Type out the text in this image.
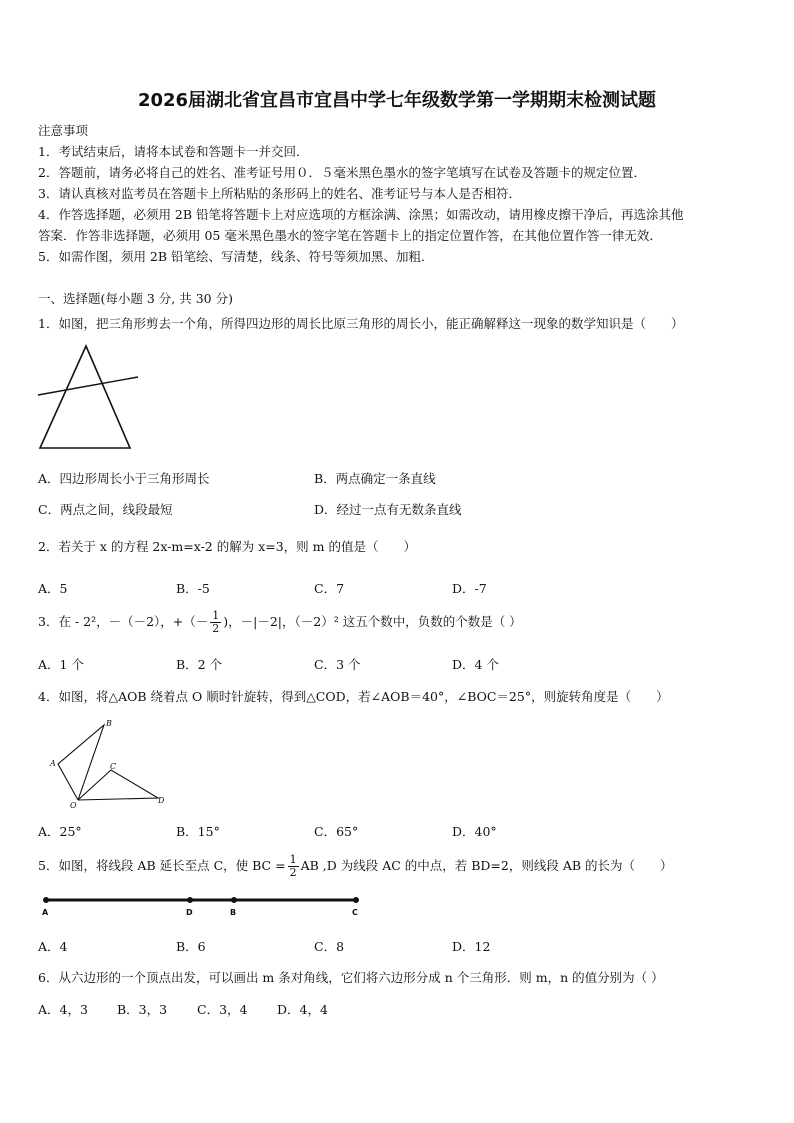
2026届湖北省宜昌市宜昌中学七年级数学第一学期期末检测试题
注意事项
1．考试结束后，请将本试卷和答题卡一并交回．
2．答题前，请务必将自己的姓名、准考证号用０．５毫米黑色墨水的签字笔填写在试卷及答题卡的规定位置．
3．请认真核对监考员在答题卡上所粘贴的条形码上的姓名、准考证号与本人是否相符．
4．作答选择题，必须用 2B 铅笔将答题卡上对应选项的方框涂满、涂黑；如需改动，请用橡皮擦干净后，再选涂其他
答案．作答非选择题，必须用 05 毫米黑色墨水的签字笔在答题卡上的指定位置作答，在其他位置作答一律无效．
5．如需作图，须用 2B 铅笔绘、写清楚，线条、符号等须加黑、加粗．
一、选择题(每小题 3 分, 共 30 分)
1．如图，把三角形剪去一个角，所得四边形的周长比原三角形的周长小，能正确解释这一现象的数学知识是（　　）
A．四边形周长小于三角形周长	B．两点确定一条直线
C．两点之间，线段最短	D．经过一点有无数条直线
2．若关于 x 的方程 2x-m=x-2 的解为 x=3，则 m 的值是（　　）
A．5	B．-5	C．7	D．-7
3．在 - 2²，－（－2），+（－ $\frac{1}{2}$ )，－|－2|，（－2）² 这五个数中，负数的个数是（ ）
A．1 个	B．2 个	C．3 个	D．4 个
4．如图，将△AOB 绕着点 O 顺时针旋转，得到△COD，若∠AOB＝40°，∠BOC＝25°，则旋转角度是（　　）
B
A	C
O
D
A．25°	B．15°	C．65°	D．40°
5．如图，将线段 AB 延长至点 C，使 BC = $\frac{1}{2}$ AB ,D 为线段 AC 的中点，若 BD=2，则线段 AB 的长为（　　）
A	D	B	C
A．4	B．6	C．8	D．12
6．从六边形的一个顶点出发，可以画出 m 条对角线，它们将六边形分成 n 个三角形．则 m，n 的值分别为（ ）
A．4，3 B．3，3 C．3，4 D．4，4
